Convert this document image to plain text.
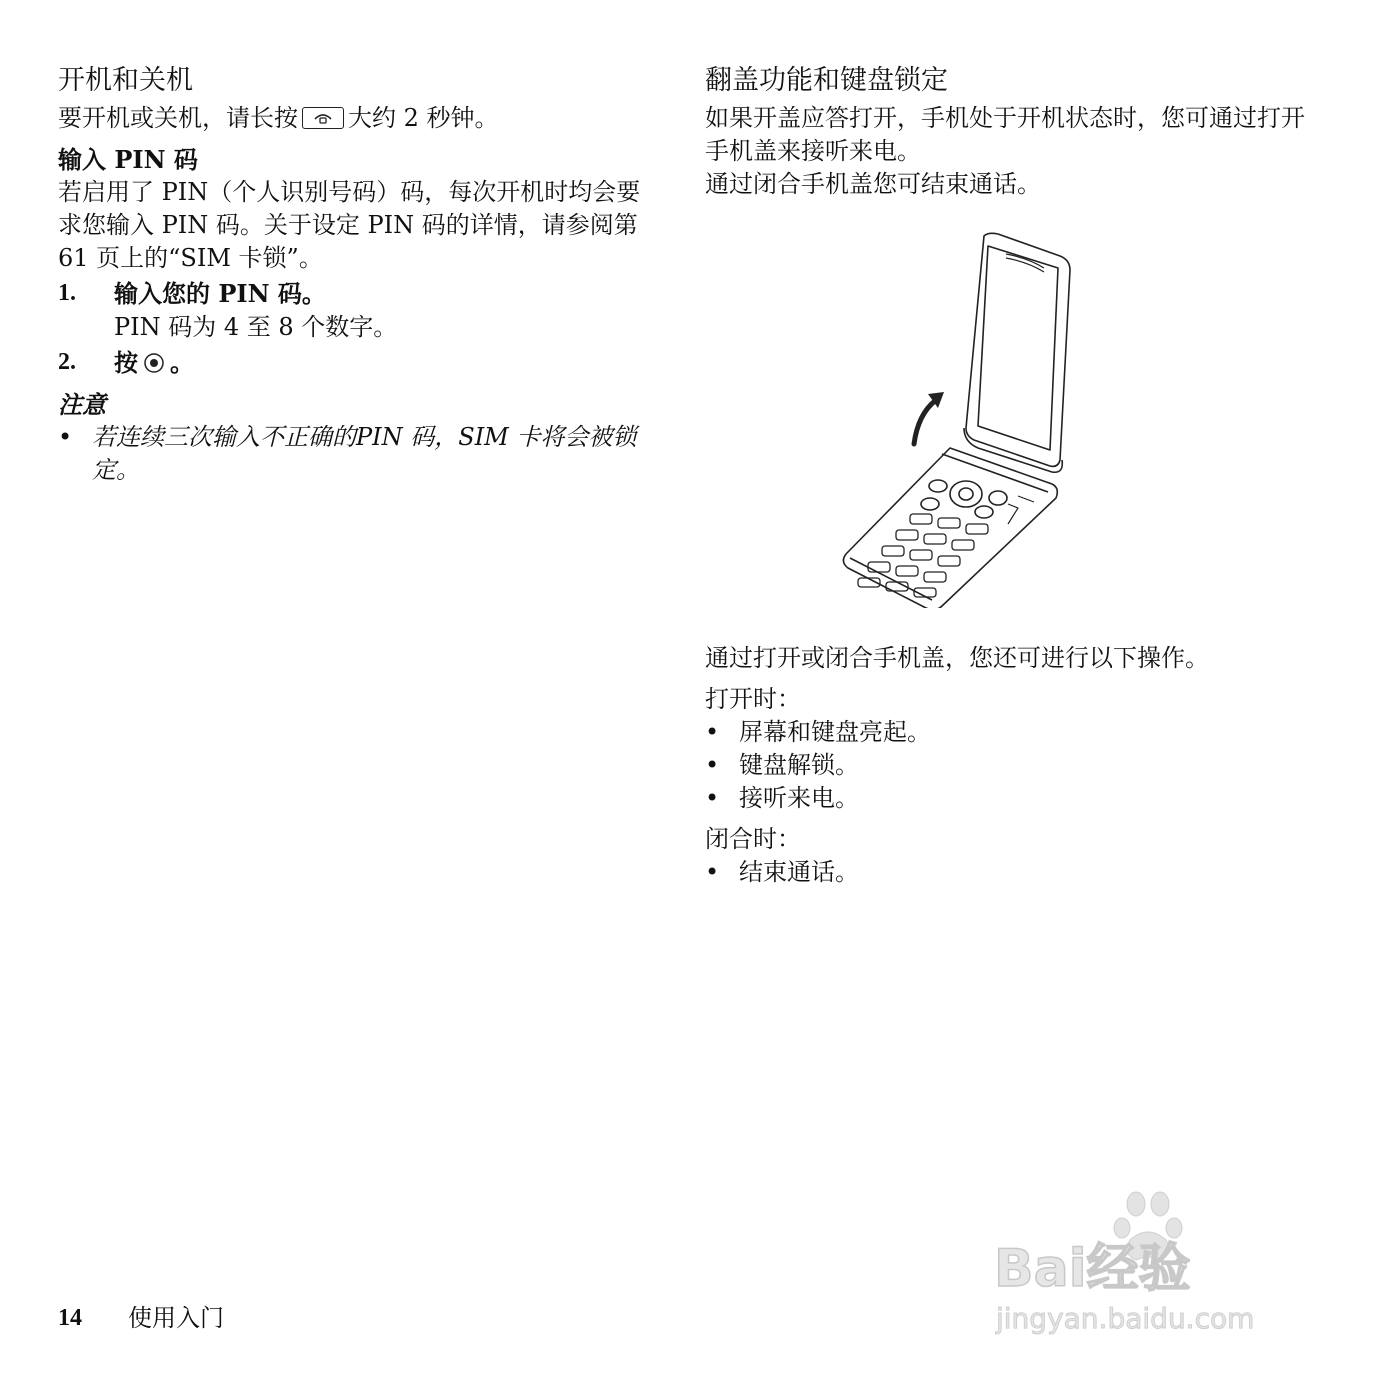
开机和关机

要开机或关机，请长按 大约 2 秒钟。

输入 PIN 码

若启用了 PIN（个人识别号码）码，每次开机时均会要求您输入 PIN 码。关于设定 PIN 码的详情，请参阅第 61 页上的“SIM 卡锁”。

1.	输入您的 PIN 码。
PIN 码为 4 至 8 个数字。
2.	按 。
注意
• 若连续三次输入不正确的PIN 码，SIM 卡将会被锁定。
翻盖功能和键盘锁定

如果开盖应答打开，手机处于开机状态时，您可通过打开手机盖来接听来电。

通过闭合手机盖您可结束通话。

通过打开或闭合手机盖，您还可进行以下操作。

打开时：
• 屏幕和键盘亮起。
• 键盘解锁。
• 接听来电。
闭合时：
• 结束通话。
14	使用入门
Bai经验
jingyan.baidu.com
